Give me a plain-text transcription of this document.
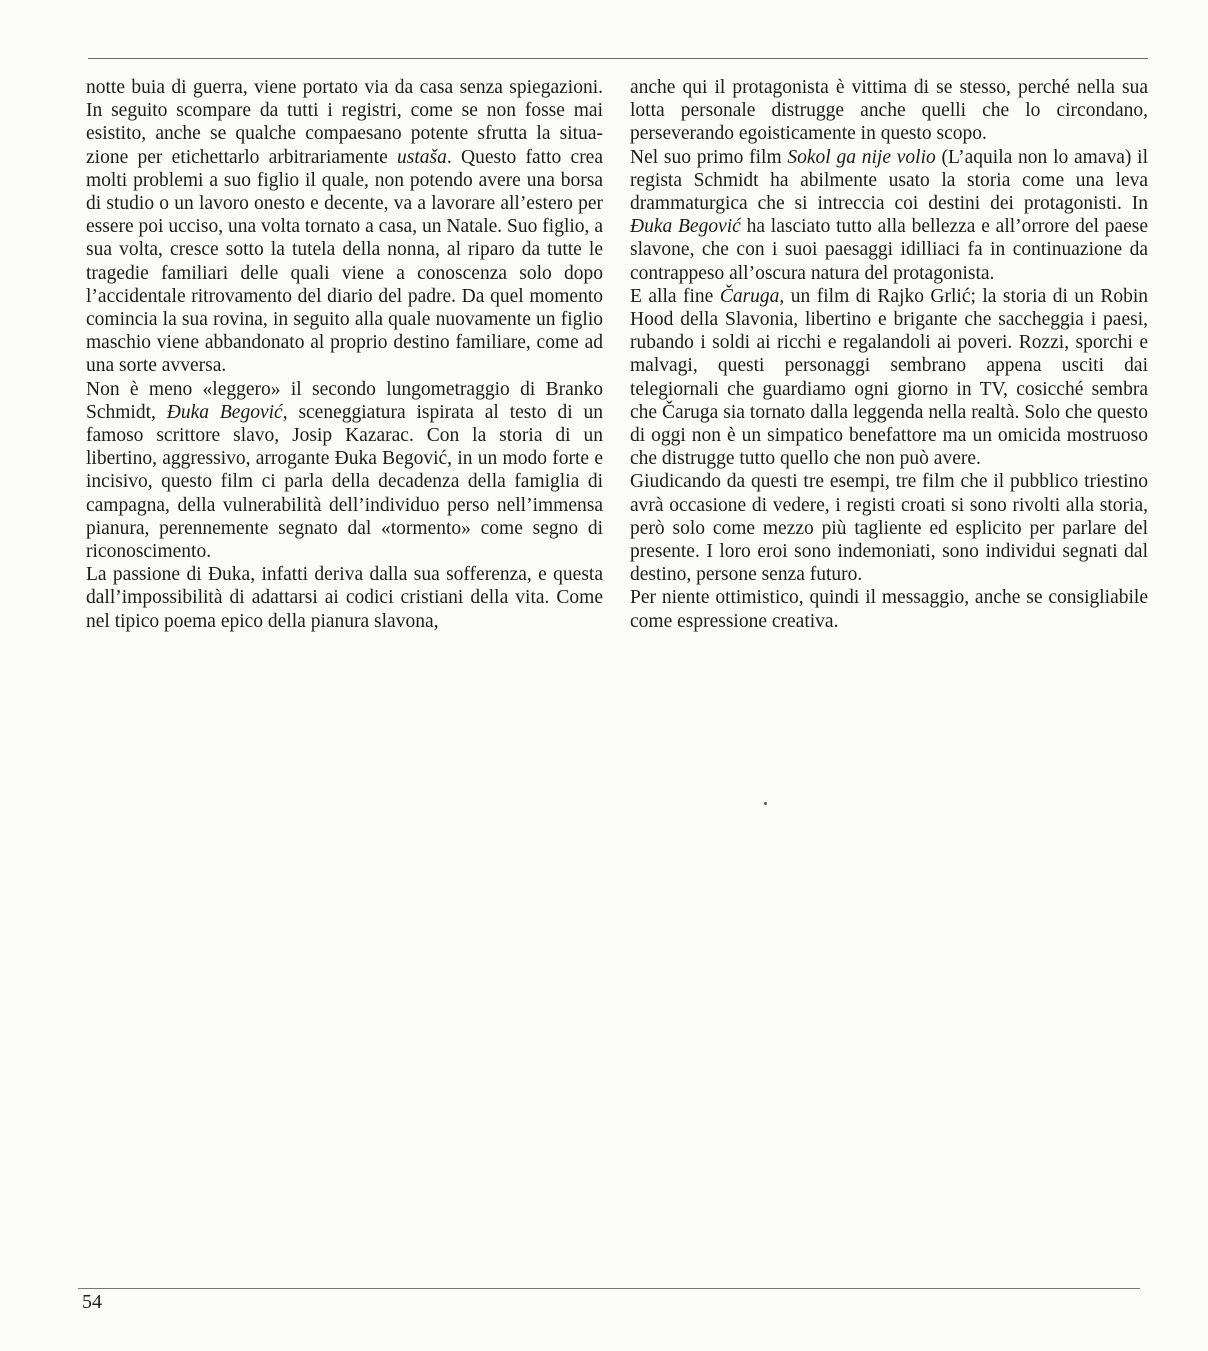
notte buia di guerra, viene portato via da casa senza spiegazioni. In seguito scompare da tutti i registri, come se non fosse mai esistito, anche se qualche compaesano potente sfrutta la situazione per etichettarlo arbitrariamente ustaša. Questo fatto crea molti problemi a suo figlio il quale, non potendo avere una borsa di studio o un lavoro onesto e decente, va a lavorare all’estero per essere poi ucciso, una volta tornato a casa, un Natale. Suo figlio, a sua volta, cresce sotto la tutela della nonna, al riparo da tutte le tragedie familiari delle quali viene a conoscenza solo dopo l’accidentale ritrovamento del diario del padre. Da quel momento comincia la sua rovina, in seguito alla quale nuovamente un figlio maschio viene abbandonato al proprio destino familiare, come ad una sorte avversa.

Non è meno «leggero» il secondo lungometraggio di Branko Schmidt, Đuka Begović, sceneggiatura ispirata al testo di un famoso scrittore slavo, Josip Kazarac. Con la storia di un libertino, aggressivo, arrogante Đuka Begović, in un modo forte e incisivo, questo film ci parla della decadenza della famiglia di campagna, della vulnerabilità dell’individuo perso nell’immensa pianura, perennemente segnato dal «tormento» come segno di riconoscimento.

La passione di Đuka, infatti deriva dalla sua sofferenza, e questa dall’impossibilità di adattarsi ai codici cristiani della vita. Come nel tipico poema epico della pianura slavona,

anche qui il protagonista è vittima di se stesso, perché nella sua lotta personale distrugge anche quelli che lo circondano, perseverando egoisticamente in questo scopo.

Nel suo primo film Sokol ga nije volio (L’aquila non lo amava) il regista Schmidt ha abilmente usato la storia come una leva drammaturgica che si intreccia coi destini dei protagonisti. In Đuka Begović ha lasciato tutto alla bellezza e all’orrore del paese slavone, che con i suoi paesaggi idilliaci fa in continuazione da contrappeso all’oscura natura del protagonista.

E alla fine Čaruga, un film di Rajko Grlić; la storia di un Robin Hood della Slavonia, libertino e brigante che saccheggia i paesi, rubando i soldi ai ricchi e regalandoli ai poveri. Rozzi, sporchi e malvagi, questi personaggi sembrano appena usciti dai telegiornali che guardiamo ogni giorno in TV, cosicché sembra che Čaruga sia tornato dalla leggenda nella realtà. Solo che questo di oggi non è un simpatico benefattore ma un omicida mostruoso che distrugge tutto quello che non può avere.

Giudicando da questi tre esempi, tre film che il pubblico triestino avrà occasione di vedere, i registi croati si sono rivolti alla storia, però solo come mezzo più tagliente ed esplicito per parlare del presente. I loro eroi sono indemoniati, sono individui segnati dal destino, persone senza futuro.

Per niente ottimistico, quindi il messaggio, anche se consigliabile come espressione creativa.

54
